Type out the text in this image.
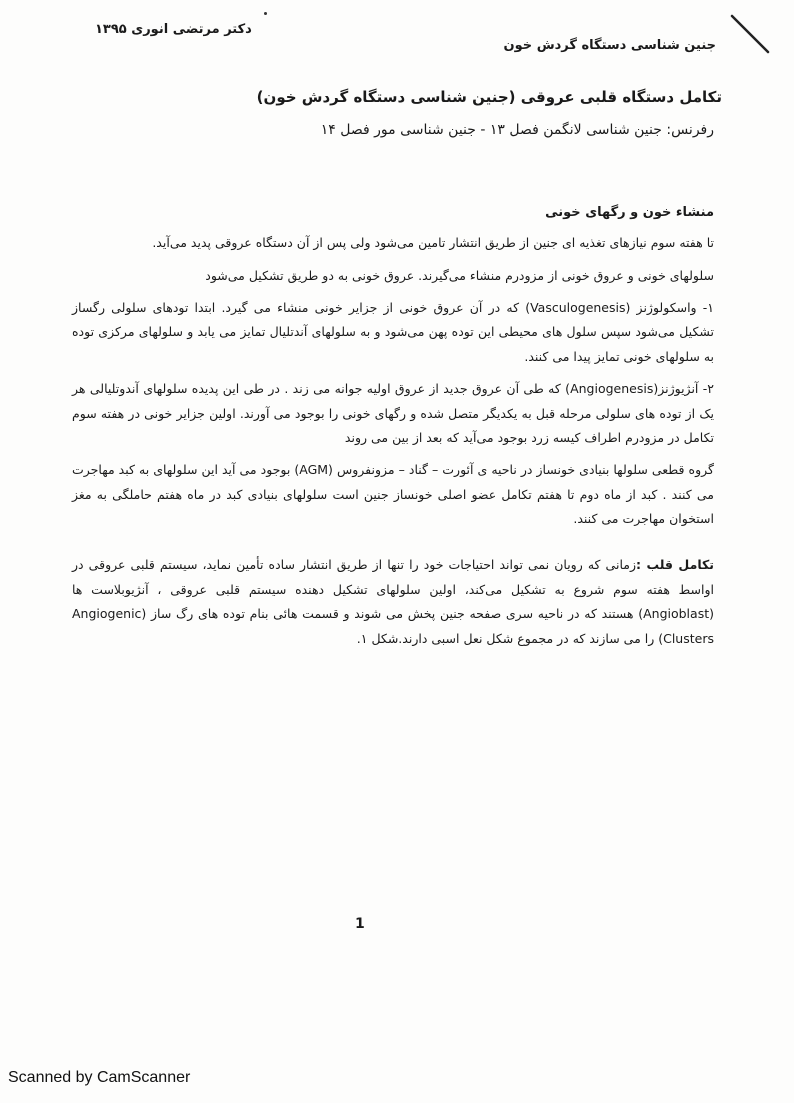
دکتر مرتضی انوری ۱۳۹۵
جنین شناسی دستگاه گردش خون
تکامل دستگاه قلبی عروقی (جنین شناسی دستگاه گردش خون)
رفرنس: جنین شناسی لانگمن فصل ۱۳ - جنین شناسی مور فصل ۱۴
منشاء خون و رگهای خونی

تا هفته سوم نیازهای تغذیه ای جنین از طریق انتشار تامین می‌شود ولی پس از آن دستگاه عروقی پدید می‌آید.

سلولهای خونی و عروق خونی از مزودرم منشاء می‌گیرند. عروق خونی به دو طریق تشکیل می‌شود

۱- واسکولوژنز (Vasculogenesis) که در آن عروق خونی از جزایر خونی منشاء می گیرد. ابتدا تودهای سلولی رگساز تشکیل می‌شود سپس سلول های محیطی این توده پهن می‌شود و به سلولهای آندتلیال تمایز می یابد و سلولهای مرکزی توده به سلولهای خونی تمایز پیدا می کنند.

۲- آنژیوژنز(Angiogenesis) که طی آن عروق جدید از عروق اولیه جوانه می زند . در طی این پدیده سلولهای آندوتلیالی هر یک از توده های سلولی مرحله قبل به یکدیگر متصل شده و رگهای خونی را بوجود می آورند. اولین جزایر خونی در هفته سوم تکامل در مزودرم اطراف کیسه زرد بوجود می‌آید که بعد از بین می روند

گروه قطعی سلولها بنیادی خونساز در ناحیه ی آئورت – گناد – مزونفروس (AGM) بوجود می آید این سلولهای به کبد مهاجرت می کنند . کبد از ماه دوم تا هفتم تکامل عضو اصلی خونساز جنین است سلولهای بنیادی کبد در ماه هفتم حاملگی به مغز استخوان مهاجرت می کنند.

تکامل قلب :زمانی که رویان نمی تواند احتیاجات خود را تنها از طریق انتشار ساده تأمین نماید، سیستم قلبی عروقی در اواسط هفته سوم شروع به تشکیل می‌کند، اولین سلولهای تشکیل دهنده سیستم قلبی عروقی ، آنژیوبلاست ها (Angioblast) هستند که در ناحیه سری صفحه جنین پخش می شوند و قسمت هائی بنام توده های رگ ساز (Angiogenic Clusters) را می سازند که در مجموع شکل نعل اسبی دارند.شکل ۱.

1
Scanned by CamScanner
